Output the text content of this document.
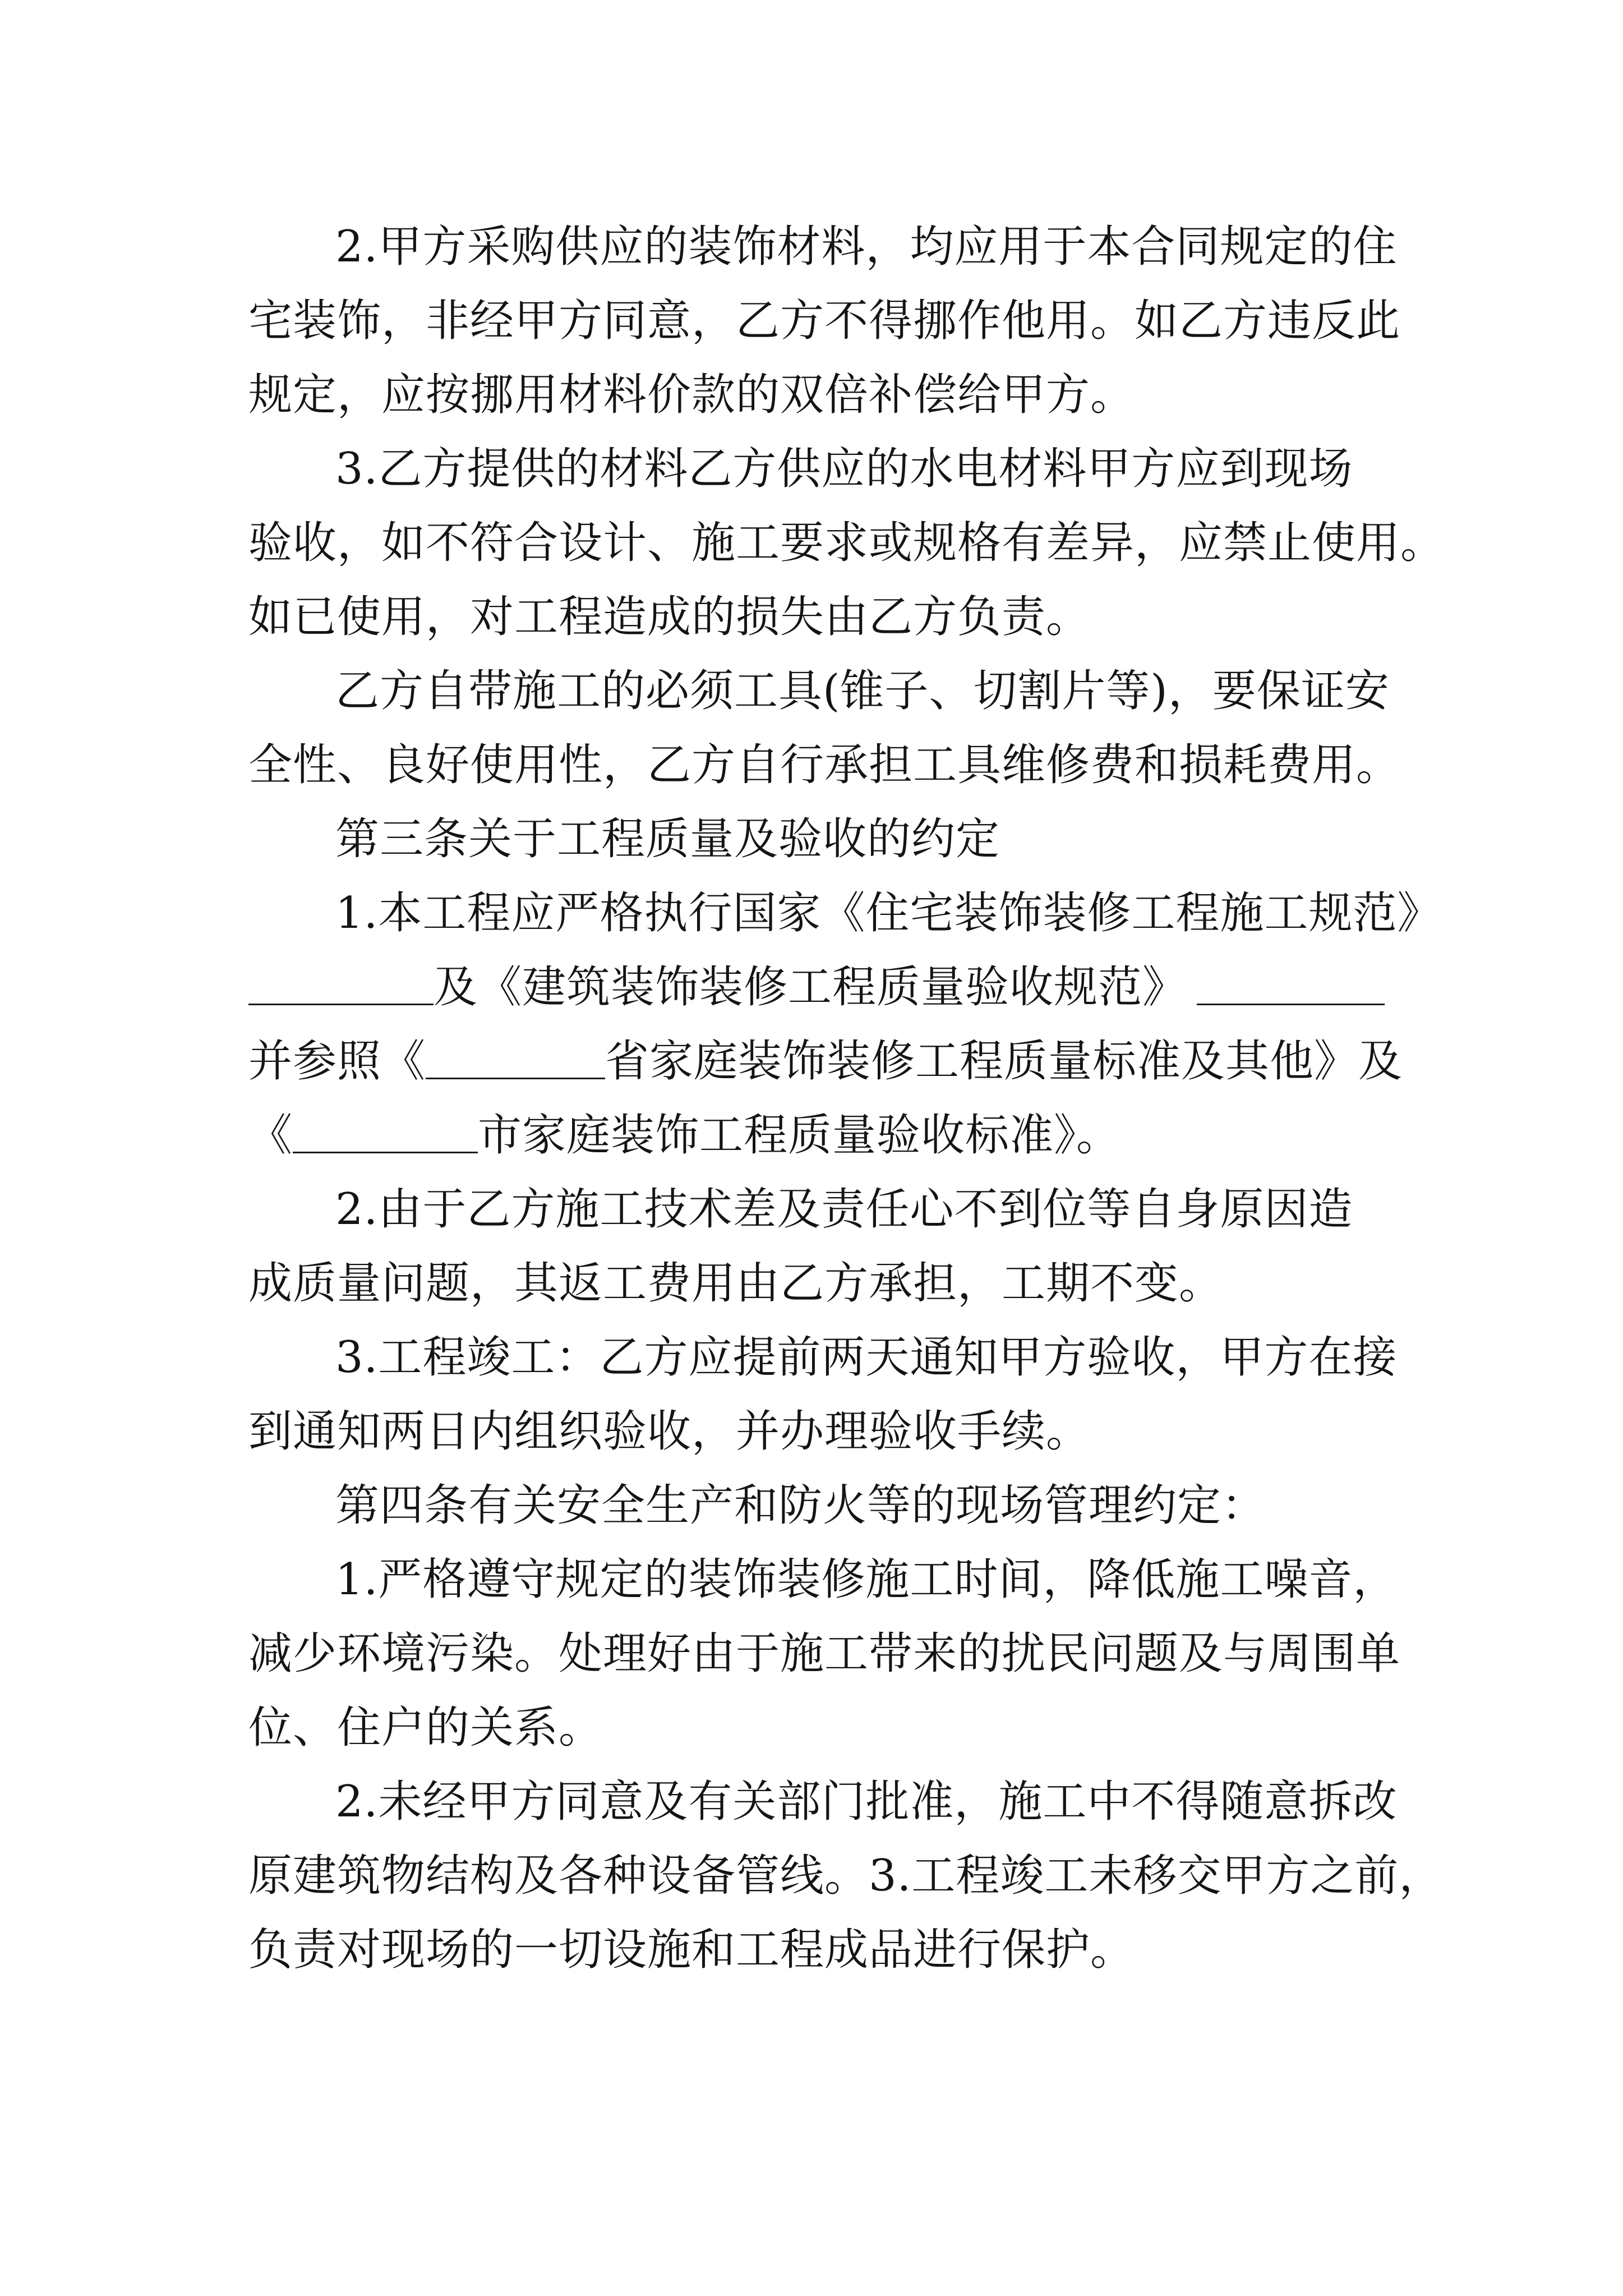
2.甲方采购供应的装饰材料，均应用于本合同规定的住
宅装饰，非经甲方同意，乙方不得挪作他用。如乙方违反此
规定，应按挪用材料价款的双倍补偿给甲方。
3.乙方提供的材料乙方供应的水电材料甲方应到现场
验收，如不符合设计、施工要求或规格有差异，应禁止使用。
如已使用，对工程造成的损失由乙方负责。
乙方自带施工的必须工具(锥子、切割片等)，要保证安
全性、良好使用性，乙方自行承担工具维修费和损耗费用。
第三条关于工程质量及验收的约定
1.本工程应严格执行国家《住宅装饰装修工程施工规范》
及《建筑装饰装修工程质量验收规范》
并参照《	省家庭装饰装修工程质量标准及其他》及
《	市家庭装饰工程质量验收标准》。
2.由于乙方施工技术差及责任心不到位等自身原因造
成质量问题，其返工费用由乙方承担，工期不变。
3.工程竣工：乙方应提前两天通知甲方验收，甲方在接
到通知两日内组织验收，并办理验收手续。
第四条有关安全生产和防火等的现场管理约定：
1.严格遵守规定的装饰装修施工时间，降低施工噪音，
减少环境污染。处理好由于施工带来的扰民问题及与周围单
位、住户的关系。
2.未经甲方同意及有关部门批准，施工中不得随意拆改
原建筑物结构及各种设备管线。3.工程竣工未移交甲方之前，
负责对现场的一切设施和工程成品进行保护。
